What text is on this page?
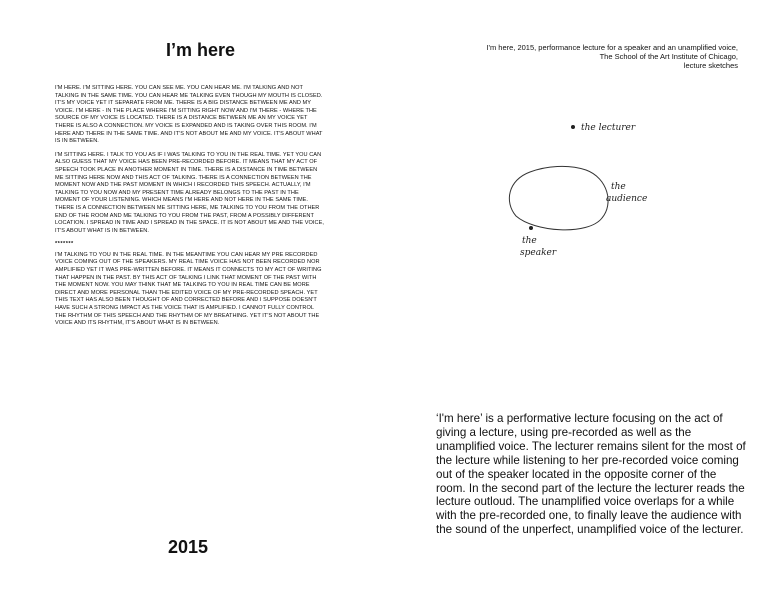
I’m here

I'M HERE. I'M SITTING HERE. YOU CAN SEE ME. YOU CAN HEAR ME. I'M TALKING AND NOT TALKING IN THE SAME TIME. YOU CAN HEAR ME TALKING EVEN THOUGH MY MOUTH IS CLOSED. IT'S MY VOICE YET IT SEPARATE FROM ME. THERE IS A BIG DISTANCE BETWEEN ME AND MY VOICE. I'M HERE - IN THE PLACE WHERE I'M SITTING RIGHT NOW AND I'M THERE - WHERE THE SOURCE OF MY VOICE IS LOCATED. THERE IS A DISTANCE BETWEEN ME AN MY VOICE YET THERE IS ALSO A CONNECTION. MY VOICE IS EXPANDED AND IS TAKING OVER THIS ROOM. I'M HERE AND THERE IN THE SAME TIME. AND IT'S NOT ABOUT ME AND MY VOICE. IT'S ABOUT WHAT IS IN BETWEEN.

I'M SITTING HERE. I TALK TO YOU AS IF I WAS TALKING TO YOU IN THE REAL TIME. YET YOU CAN ALSO GUESS THAT MY VOICE HAS BEEN PRE-RECORDED BEFORE. IT MEANS THAT MY ACT OF SPEECH TOOK PLACE IN ANOTHER MOMENT IN TIME. THERE IS A DISTANCE IN TIME BETWEEN ME SITTING HERE NOW AND THIS ACT OF TALKING. THERE IS A CONNECTION BETWEEN THE MOMENT NOW AND THE PAST MOMENT IN WHICH I RECORDED THIS SPEECH. ACTUALLY, I'M TALKING TO YOU NOW AND MY PRESENT TIME ALREADY BELONGS TO THE PAST IN THE MOMENT OF YOUR LISTENING. WHICH MEANS I'M HERE AND NOT HERE IN THE SAME TIME. THERE IS A CONNECTION BETWEEN ME SITTING HERE, ME TALKING TO YOU FROM THE OTHER END OF THE ROOM AND ME TALKING TO YOU FROM THE PAST, FROM A POSSIBLY DIFFERENT LOCATION. I SPREAD IN TIME AND I SPREAD IN THE SPACE. IT IS NOT ABOUT ME AND THE VOICE, IT'S ABOUT WHAT IS IN BETWEEN.

*******

I'M TALKING TO YOU IN THE REAL TIME. IN THE MEANTIME YOU CAN HEAR MY PRE RECORDED VOICE COMING OUT OF THE SPEAKERS. MY REAL TIME VOICE HAS NOT BEEN RECORDED NOR AMPLIFIED YET IT WAS PRE-WRITTEN BEFORE. IT MEANS IT CONNECTS TO MY ACT OF WRITING THAT HAPPEN IN THE PAST. BY THIS ACT OF TALKING I LINK THAT MOMENT OF THE PAST WITH THE MOMENT NOW. YOU MAY THINK THAT ME TALKING TO YOU IN REAL TIME CAN BE MORE DIRECT AND MORE PERSONAL THAN THE EDITED VOICE OF MY PRE-RECORDED SPEACH. YET THIS TEXT HAS ALSO BEEN THOUGHT OF AND CORRECTED BEFORE AND I SUPPOSE DOESN'T HAVE SUCH A STRONG IMPACT AS THE VOICE THAT IS AMPLIFIED. I CANNOT FULLY CONTROL THE RHYTHM OF THIS SPEECH AND THE RHYTHM OF MY BREATHING. YET IT'S NOT ABOUT THE VOICE AND ITS RHYTHM, IT'S ABOUT WHAT IS IN BETWEEN.

2015
I'm here, 2015, performance lecture for a speaker and an unamplified voice,
The School of the Art Institute of Chicago,
lecture sketches
the lecturer
the
audience
the
speaker

‘I'm here’ is a performative lecture focusing on the act of giving a lecture, using pre-recorded as well as the unamplified voice. The lecturer remains silent for the most of the lecture while listening to her pre-recorded voice coming out of the speaker located in the opposite corner of the room. In the second part of the lecture the lecturer reads the lecture outloud. The unamplified voice overlaps for a while with the pre-recorded one, to finally leave the audience with the sound of the unperfect, unamplified voice of the lecturer.
